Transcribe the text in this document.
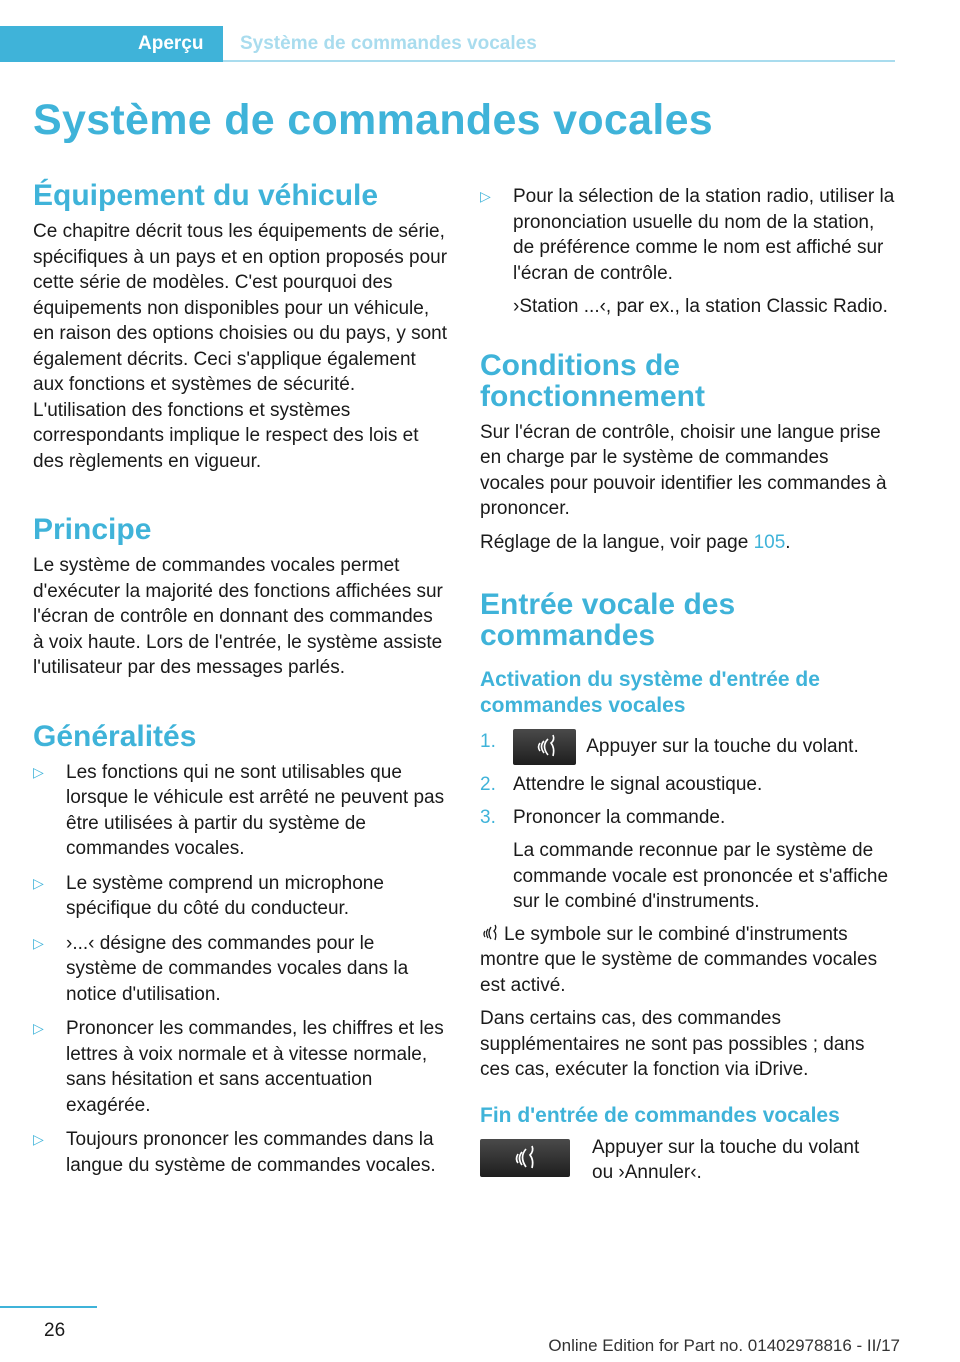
Aperçu	Système de commandes vocales
Système de commandes vocales
Équipement du véhicule

Ce chapitre décrit tous les équipements de série, spécifiques à un pays et en option proposés pour cette série de modèles. C'est pourquoi des équipements non disponibles pour un véhicule, en raison des options choisies ou du pays, y sont également décrits. Ceci s'applique également aux fonctions et systèmes de sécurité. L'utilisation des fonctions et systèmes correspondants implique le respect des lois et des règlements en vigueur.

Principe

Le système de commandes vocales permet d'exécuter la majorité des fonctions affichées sur l'écran de contrôle en donnant des commandes à voix haute. Lors de l'entrée, le système assiste l'utilisateur par des messages parlés.

Généralités
▷ Les fonctions qui ne sont utilisables que lorsque le véhicule est arrêté ne peuvent pas être utilisées à partir du système de commandes vocales.
▷ Le système comprend un microphone spécifique du côté du conducteur.
▷ ›...‹ désigne des commandes pour le système de commandes vocales dans la notice d'utilisation.
▷ Prononcer les commandes, les chiffres et les lettres à voix normale et à vitesse normale, sans hésitation et sans accentuation exagérée.
▷ Toujours prononcer les commandes dans la langue du système de commandes vocales.
▷ Pour la sélection de la station radio, utiliser la prononciation usuelle du nom de la station, de préférence comme le nom est affiché sur l'écran de contrôle.
›Station ...‹, par ex., la station Classic Radio.
Conditions de fonctionnement

Sur l'écran de contrôle, choisir une langue prise en charge par le système de commandes vocales pour pouvoir identifier les commandes à prononcer.

Réglage de la langue, voir page 105.

Entrée vocale des commandes
Activation du système d'entrée de commandes vocales
1.	Appuyer sur la touche du volant.
2. Attendre le signal acoustique.
3. Prononcer la commande.
La commande reconnue par le système de commande vocale est prononcée et s'affiche sur le combiné d'instruments.

Le symbole sur le combiné d'instruments montre que le système de commandes vocales est activé.

Dans certains cas, des commandes supplémentaires ne sont pas possibles ; dans ces cas, exécuter la fonction via iDrive.

Fin d'entrée de commandes vocales

Appuyer sur la touche du volant ou ›Annuler‹.

26
Online Edition for Part no. 01402978816 - II/17
